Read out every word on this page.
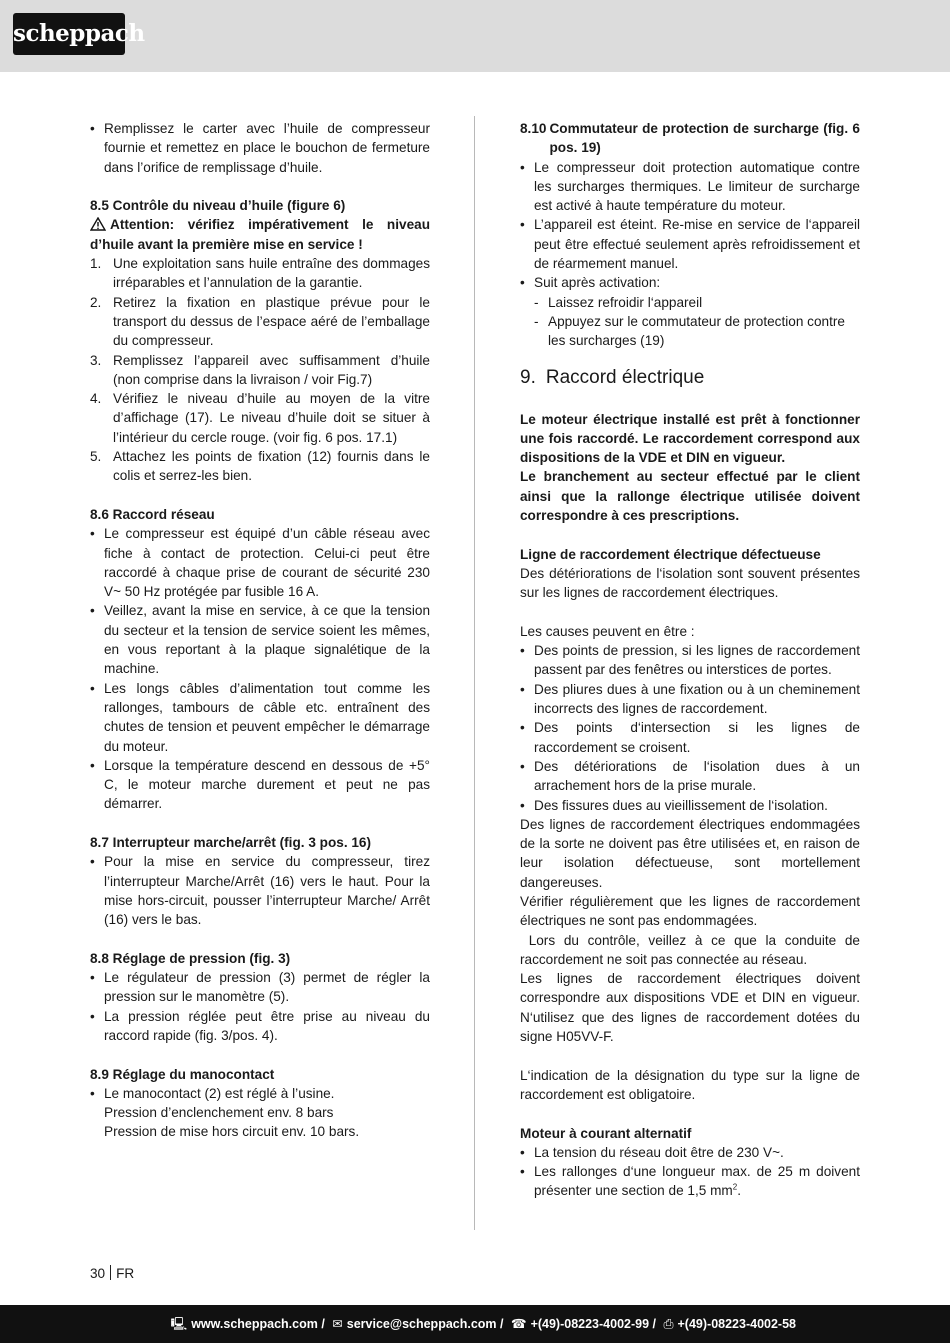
scheppach

• Remplissez le carter avec l’huile de compresseur fournie et remettez en place le bouchon de fermeture dans l’orifice de remplissage d’huile.

8.5 Contrôle du niveau d’huile (figure 6)

Attention: vérifiez impérativement le niveau d’huile avant la première mise en service !

1. Une exploitation sans huile entraîne des dommages irréparables et l’annulation de la garantie.

2. Retirez la fixation en plastique prévue pour le transport du dessus de l’espace aéré de l’emballage du compresseur.

3. Remplissez l’appareil avec suffisamment d’huile (non comprise dans la livraison / voir Fig.7)

4. Vérifiez le niveau d’huile au moyen de la vitre d’affichage (17). Le niveau d’huile doit se situer à l’intérieur du cercle rouge. (voir fig. 6 pos. 17.1)

5. Attachez les points de fixation (12) fournis dans le colis et serrez-les bien.

8.6 Raccord réseau

• Le compresseur est équipé d’un câble réseau avec fiche à contact de protection. Celui-ci peut être raccordé à chaque prise de courant de sécurité 230 V~ 50 Hz protégée par fusible 16 A.

• Veillez, avant la mise en service, à ce que la tension du secteur et la tension de service soient les mêmes, en vous reportant à la plaque signalétique de la machine.

• Les longs câbles d’alimentation tout comme les rallonges, tambours de câble etc. entraînent des chutes de tension et peuvent empêcher le démarrage du moteur.

• Lorsque la température descend en dessous de +5° C, le moteur marche durement et peut ne pas démarrer.

8.7 Interrupteur marche/arrêt (fig. 3 pos. 16)

• Pour la mise en service du compresseur, tirez l’interrupteur Marche/Arrêt (16) vers le haut. Pour la mise hors-circuit, pousser l’interrupteur Marche/ Arrêt (16) vers le bas.

8.8 Réglage de pression (fig. 3)

• Le régulateur de pression (3) permet de régler la pression sur le manomètre (5).

• La pression réglée peut être prise au niveau du raccord rapide (fig. 3/pos. 4).

8.9 Réglage du manocontact

• Le manocontact (2) est réglé à l’usine.

Pression d’enclenchement env. 8 bars

Pression de mise hors circuit env. 10 bars.

8.10 Commutateur de protection de surcharge (fig. 6 pos. 19)

• Le compresseur doit protection automatique contre les surcharges thermiques. Le limiteur de surcharge est activé à haute température du moteur.

• L’appareil est éteint. Re-mise en service de l‘appareil peut être effectué seulement après refroidissement et de réarmement manuel.

• Suit après activation:

- Laissez refroidir l‘appareil

- Appuyez sur le commutateur de protection contre les surcharges (19)

9. Raccord électrique

Le moteur électrique installé est prêt à fonctionner une fois raccordé. Le raccordement correspond aux dispositions de la VDE et DIN en vigueur.

Le branchement au secteur effectué par le client ainsi que la rallonge électrique utilisée doivent correspondre à ces prescriptions.

Ligne de raccordement électrique défectueuse

Des détériorations de l‘isolation sont souvent présentes sur les lignes de raccordement électriques.

Les causes peuvent en être :

• Des points de pression, si les lignes de raccordement passent par des fenêtres ou interstices de portes.

• Des pliures dues à une fixation ou à un cheminement incorrects des lignes de raccordement.

• Des points d‘intersection si les lignes de raccordement se croisent.

• Des détériorations de l‘isolation dues à un arrachement hors de la prise murale.

• Des fissures dues au vieillissement de l‘isolation.

Des lignes de raccordement électriques endommagées de la sorte ne doivent pas être utilisées et, en raison de leur isolation défectueuse, sont mortellement dangereuses.

Vérifier régulièrement que les lignes de raccordement électriques ne sont pas endommagées.

Lors du contrôle, veillez à ce que la conduite de raccordement ne soit pas connectée au réseau.

Les lignes de raccordement électriques doivent correspondre aux dispositions VDE et DIN en vigueur. N‘utilisez que des lignes de raccordement dotées du signe H05VV-F.

L‘indication de la désignation du type sur la ligne de raccordement est obligatoire.

Moteur à courant alternatif

• La tension du réseau doit être de 230 V~.

• Les rallonges d‘une longueur max. de 25 m doivent présenter une section de 1,5 $mm^2$.

30 FR
🖳 www.scheppach.com / ✉ service@scheppach.com / ☎ +(49)-08223-4002-99 / ⎙ +(49)-08223-4002-58
